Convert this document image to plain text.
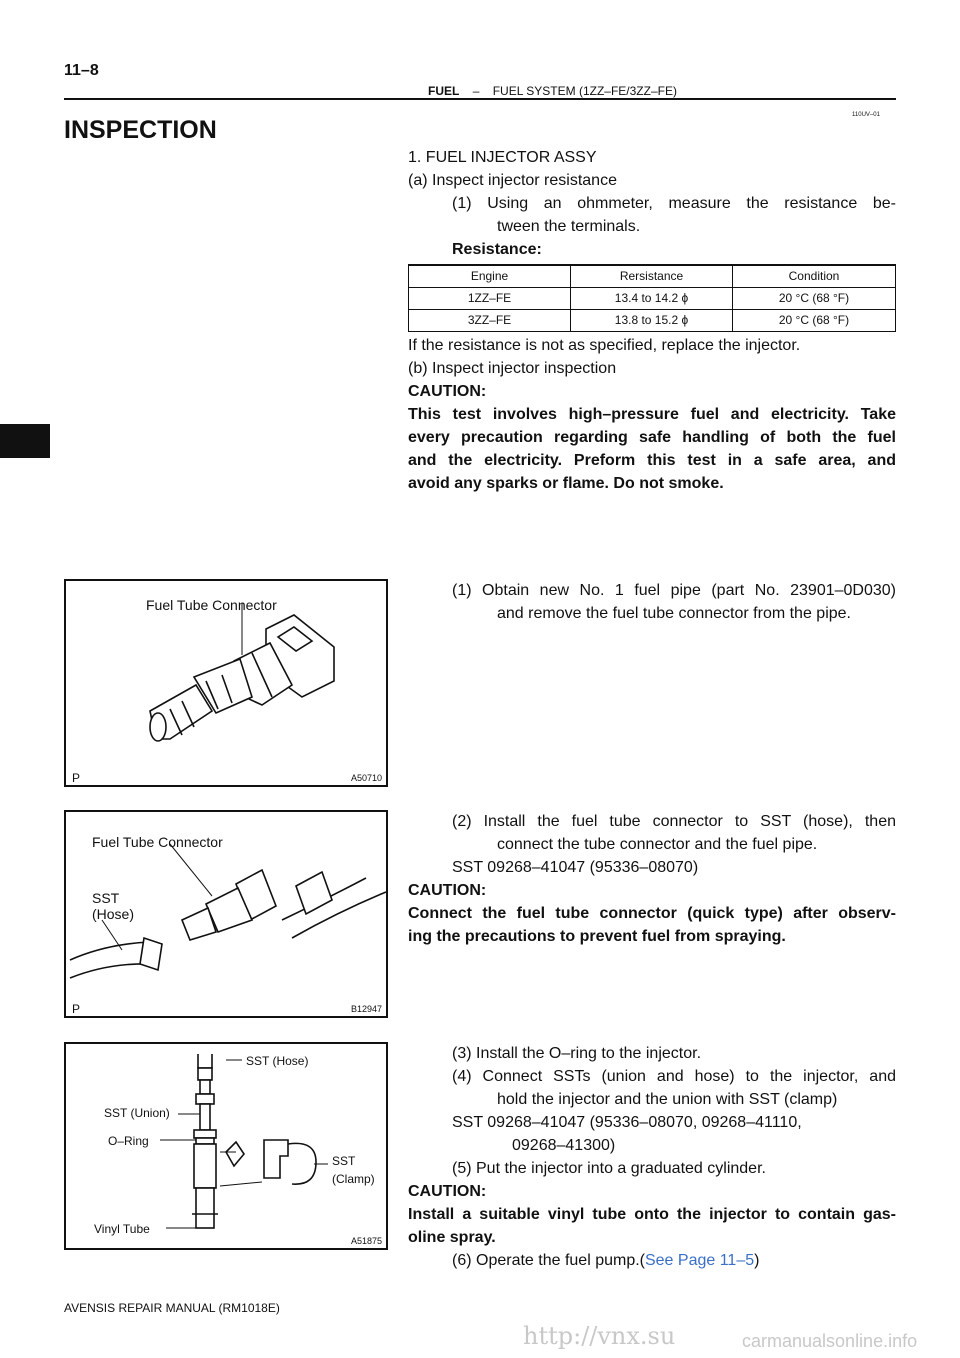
11–8
FUEL – FUEL SYSTEM (1ZZ–FE/3ZZ–FE)
110UV–01
INSPECTION
1. FUEL INJECTOR ASSY
(a) Inspect injector resistance
(1) Using an ohmmeter, measure the resistance be-
tween the terminals.
Resistance:
Engine	Rersistance	Condition
1ZZ–FE	13.4 to 14.2 ϕ	20 °C (68 °F)
3ZZ–FE	13.8 to 15.2 ϕ	20 °C (68 °F)
If the resistance is not as specified, replace the injector.
(b) Inspect injector inspection
CAUTION:
This test involves high–pressure fuel and electricity. Take
every precaution regarding safe handling of both the fuel
and the electricity. Preform this test in a safe area, and
avoid any sparks or flame. Do not smoke.
(1) Obtain new No. 1 fuel pipe (part No. 23901–0D030)
and remove the fuel tube connector from the pipe.
Fuel Tube Connector
P	A50710
(2) Install the fuel tube connector to SST (hose), then
connect the tube connector and the fuel pipe.
SST 09268–41047 (95336–08070)
CAUTION:
Connect the fuel tube connector (quick type) after observ-
ing the precautions to prevent fuel from spraying.
Fuel Tube Connector
SST
(Hose)
P	B12947
(3) Install the O–ring to the injector.
(4) Connect SSTs (union and hose) to the injector, and
hold the injector and the union with SST (clamp)
SST 09268–41047 (95336–08070, 09268–41110,
09268–41300)
(5) Put the injector into a graduated cylinder.
CAUTION:
Install a suitable vinyl tube onto the injector to contain gas-
oline spray.
(6) Operate the fuel pump.(See Page 11–5)
SST (Hose)
SST (Union)
O–Ring
SST
(Clamp)
Vinyl Tube
A51875
AVENSIS REPAIR MANUAL (RM1018E)
http://vnx.su	carmanualsonline.info
